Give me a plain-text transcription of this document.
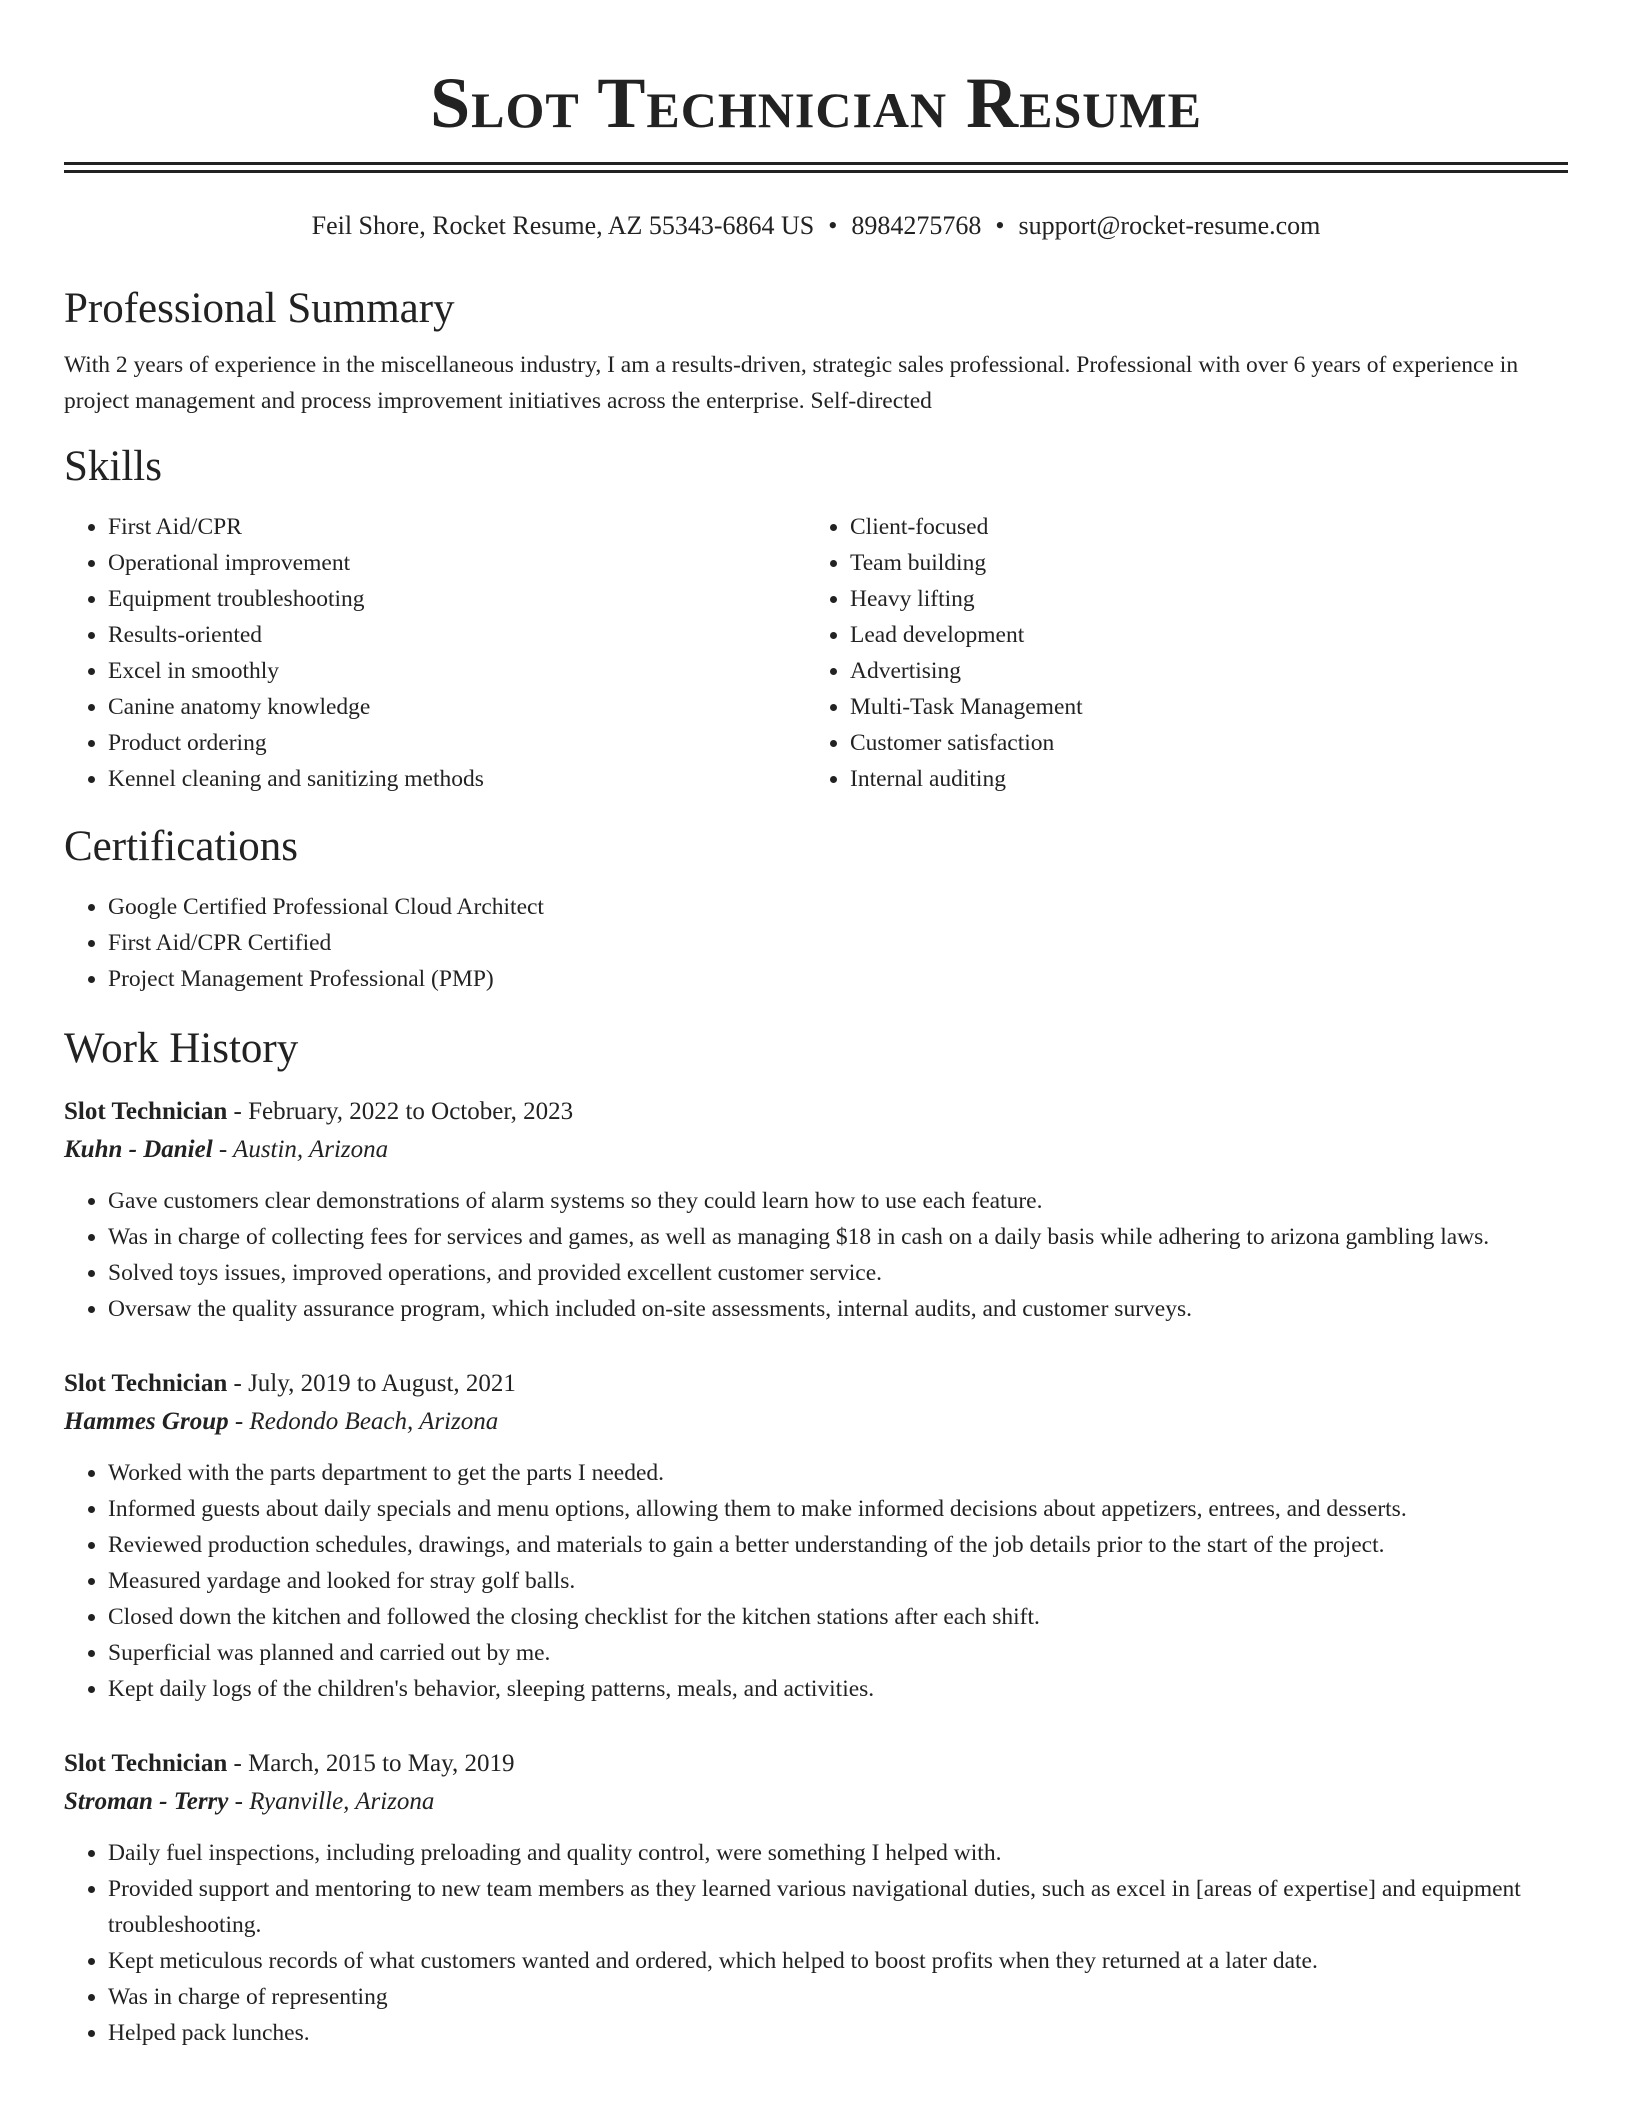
Slot Technician Resume
Feil Shore, Rocket Resume, AZ 55343-6864 US • 8984275768 • support@rocket-resume.com
Professional Summary
With 2 years of experience in the miscellaneous industry, I am a results-driven, strategic sales professional. Professional with over 6 years of experience in project management and process improvement initiatives across the enterprise. Self-directed
Skills
• First Aid/CPR
• Operational improvement
• Equipment troubleshooting
• Results-oriented
• Excel in smoothly
• Canine anatomy knowledge
• Product ordering
• Kennel cleaning and sanitizing methods
• Client-focused
• Team building
• Heavy lifting
• Lead development
• Advertising
• Multi-Task Management
• Customer satisfaction
• Internal auditing
Certifications
• Google Certified Professional Cloud Architect
• First Aid/CPR Certified
• Project Management Professional (PMP)
Work History
Slot Technician - February, 2022 to October, 2023
Kuhn - Daniel - Austin, Arizona
• Gave customers clear demonstrations of alarm systems so they could learn how to use each feature.
• Was in charge of collecting fees for services and games, as well as managing $18 in cash on a daily basis while adhering to arizona gambling laws.
• Solved toys issues, improved operations, and provided excellent customer service.
• Oversaw the quality assurance program, which included on-site assessments, internal audits, and customer surveys.
Slot Technician - July, 2019 to August, 2021
Hammes Group - Redondo Beach, Arizona
• Worked with the parts department to get the parts I needed.
• Informed guests about daily specials and menu options, allowing them to make informed decisions about appetizers, entrees, and desserts.
• Reviewed production schedules, drawings, and materials to gain a better understanding of the job details prior to the start of the project.
• Measured yardage and looked for stray golf balls.
• Closed down the kitchen and followed the closing checklist for the kitchen stations after each shift.
• Superficial was planned and carried out by me.
• Kept daily logs of the children's behavior, sleeping patterns, meals, and activities.
Slot Technician - March, 2015 to May, 2019
Stroman - Terry - Ryanville, Arizona
• Daily fuel inspections, including preloading and quality control, were something I helped with.
• Provided support and mentoring to new team members as they learned various navigational duties, such as excel in [areas of expertise] and equipment troubleshooting.
• Kept meticulous records of what customers wanted and ordered, which helped to boost profits when they returned at a later date.
• Was in charge of representing
• Helped pack lunches.
